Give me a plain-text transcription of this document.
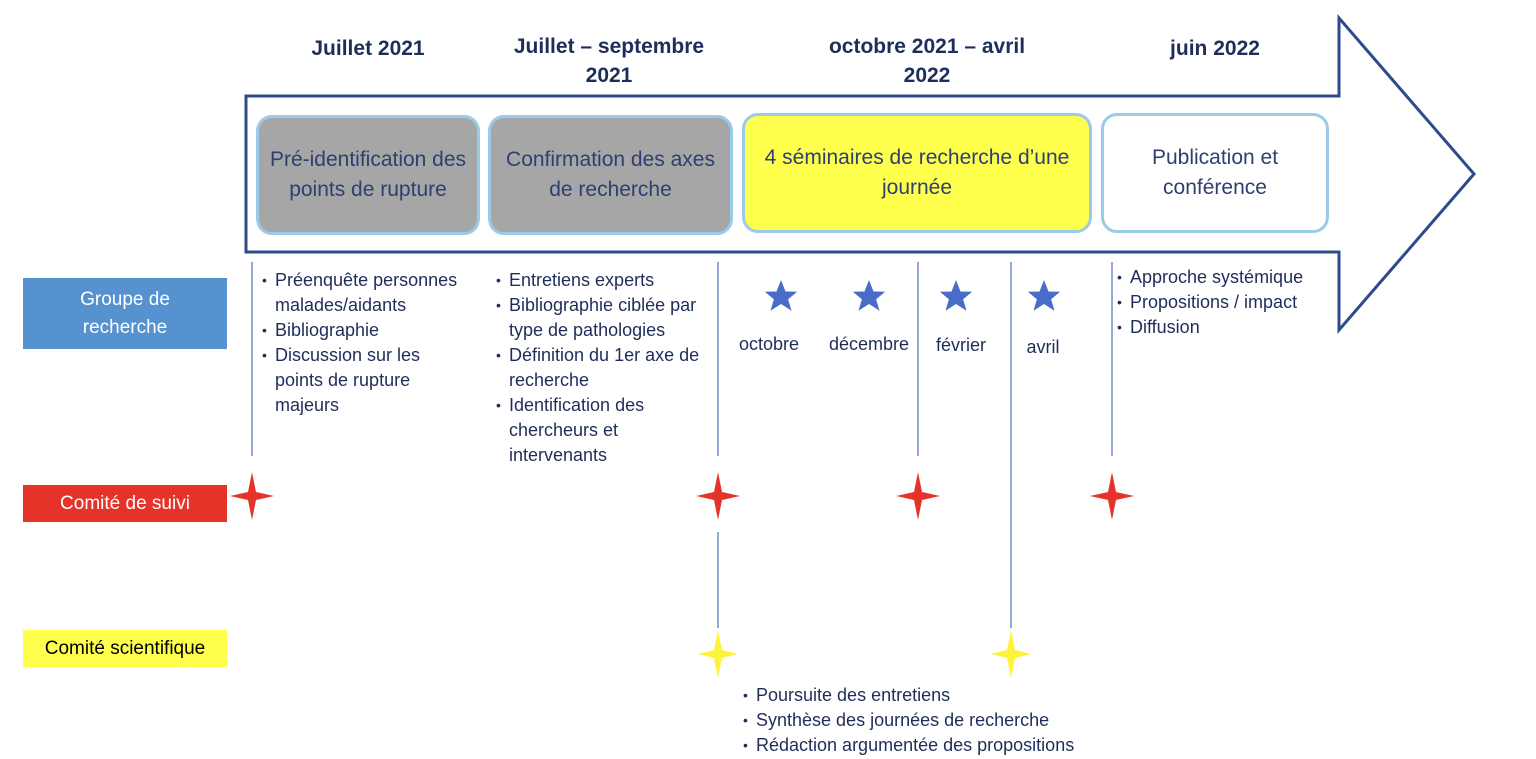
Juillet 2021	Juillet – septembre 2021
octobre 2021 – avril 2022
juin 2022
Pré-identification des points de rupture
Confirmation des axes de recherche
4 séminaires de recherche d’une journée
Publication et conférence
Groupe de recherche
Comité de suivi
Comité scientifique
• Préenquête personnes malades/aidants
• Bibliographie
• Discussion sur les points de rupture majeurs
• Entretiens experts
• Bibliographie ciblée par type de pathologies
• Définition du 1er axe de recherche
• Identification des chercheurs et intervenants
octobre	décembre	février	avril
• Approche systémique
• Propositions / impact
• Diffusion
• Poursuite des entretiens
• Synthèse des journées de recherche
• Rédaction argumentée des propositions
